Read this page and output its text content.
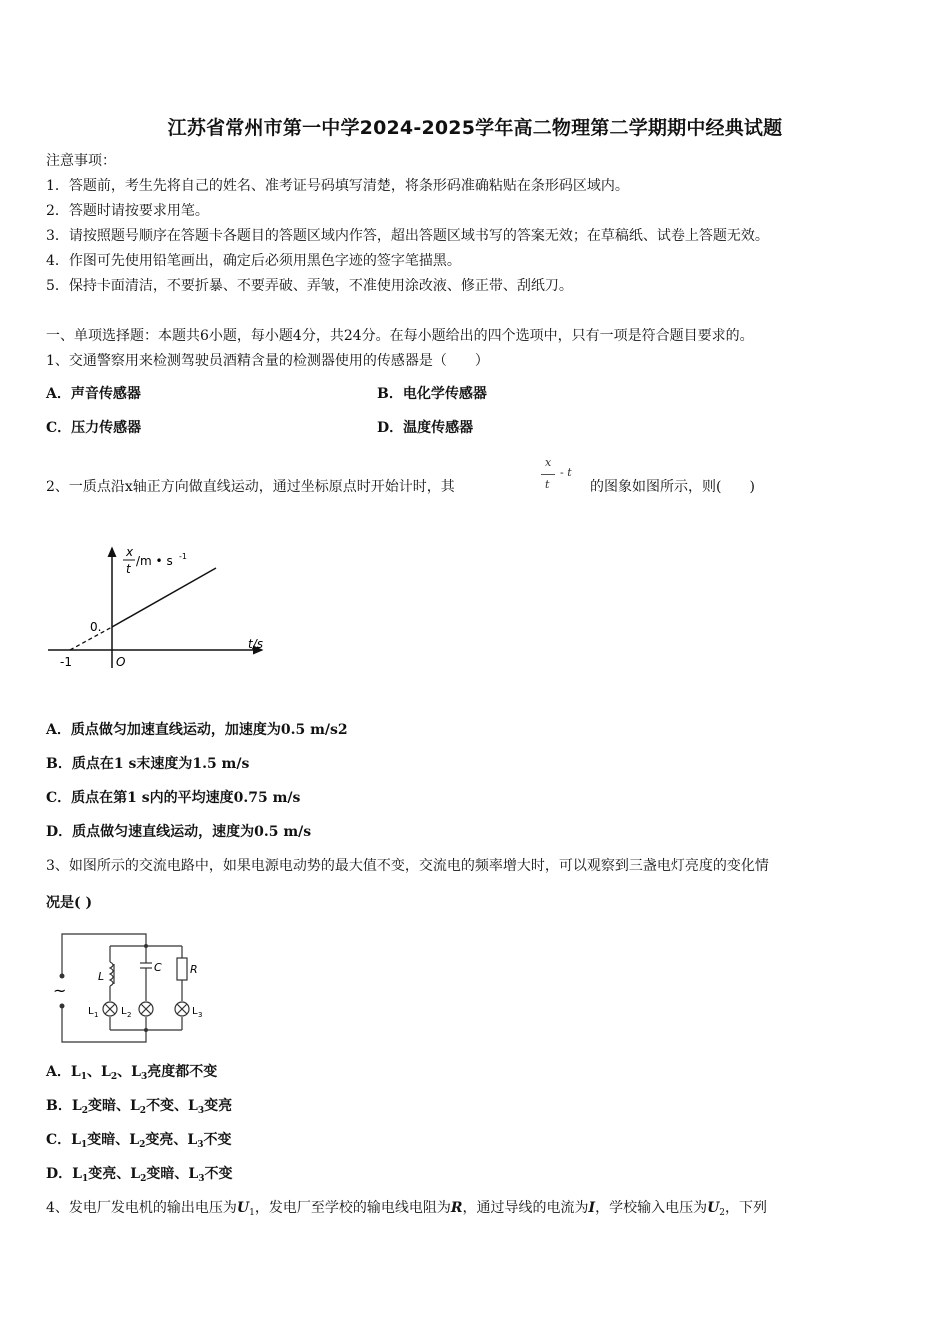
江苏省常州市第一中学2024-2025学年高二物理第二学期期中经典试题
注意事项：
1．答题前，考生先将自己的姓名、准考证号码填写清楚，将条形码准确粘贴在条形码区域内。
2．答题时请按要求用笔。
3．请按照题号顺序在答题卡各题目的答题区域内作答，超出答题区域书写的答案无效；在草稿纸、试卷上答题无效。
4．作图可先使用铅笔画出，确定后必须用黑色字迹的签字笔描黑。
5．保持卡面清洁，不要折暴、不要弄破、弄皱，不准使用涂改液、修正带、刮纸刀。
一、单项选择题：本题共6小题，每小题4分，共24分。在每小题给出的四个选项中，只有一项是符合题目要求的。
1、交通警察用来检测驾驶员酒精含量的检测器使用的传感器是（　　）
A．声音传感器	B．电化学传感器
C．压力传感器	D．温度传感器
2、一质点沿x轴正方向做直线运动，通过坐标原点时开始计时，其
x
t
- t
的图象如图所示，则(　　)
x
t
/m • s -1
t/s
O
-1
0.
A．质点做匀加速直线运动，加速度为0.5 m/s2
B．质点在1 s末速度为1.5 m/s
C．质点在第1 s内的平均速度0.75 m/s
D．质点做匀速直线运动，速度为0.5 m/s
3、如图所示的交流电路中，如果电源电动势的最大值不变，交流电的频率增大时，可以观察到三盏电灯亮度的变化情
况是( )
~
L
C	R
L 1 L 2	L 3
A．$L_1$、$L_2$、$L_3$亮度都不变
B．$L_2$变暗、$L_2$不变、$L_3$变亮
C．$L_1$变暗、$L_2$变亮、$L_3$不变
D．$L_1$变亮、$L_2$变暗、$L_3$不变
4、发电厂发电机的输出电压为$U_1$，发电厂至学校的输电线电阻为R，通过导线的电流为I，学校输入电压为$U_2$，下列
